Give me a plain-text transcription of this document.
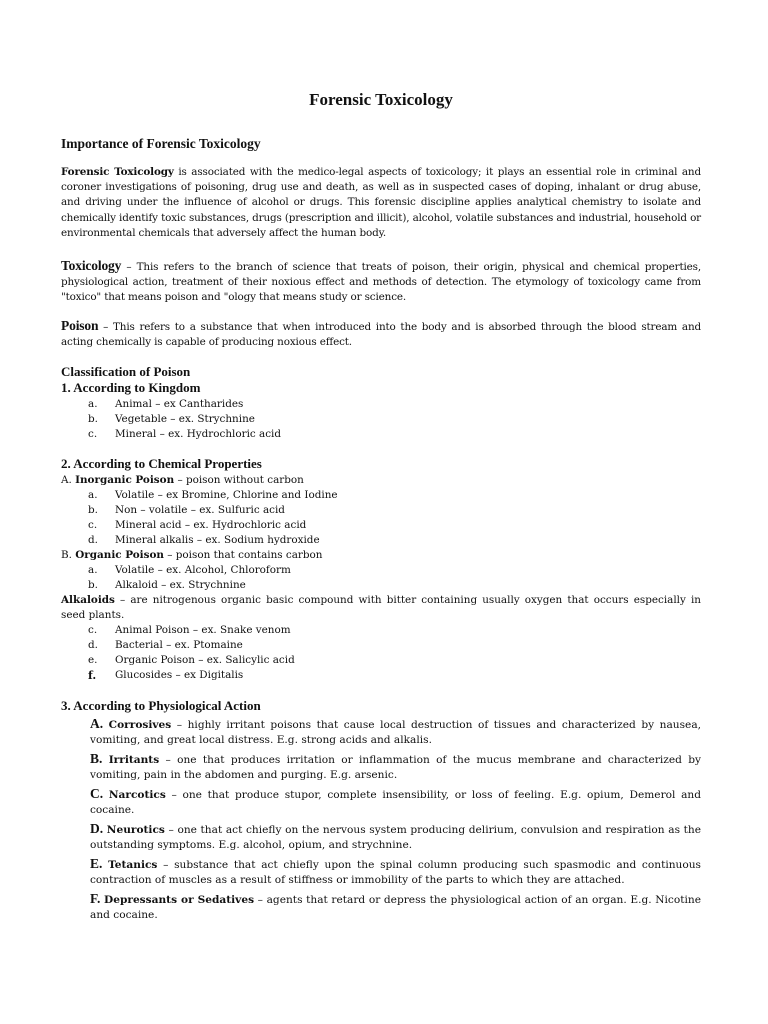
Forensic Toxicology
Importance of Forensic Toxicology
Forensic Toxicology is associated with the medico-legal aspects of toxicology; it plays an essential role in criminal and coroner investigations of poisoning, drug use and death, as well as in suspected cases of doping, inhalant or drug abuse, and driving under the influence of alcohol or drugs. This forensic discipline applies analytical chemistry to isolate and chemically identify toxic substances, drugs (prescription and illicit), alcohol, volatile substances and industrial, household or environmental chemicals that adversely affect the human body.
Toxicology – This refers to the branch of science that treats of poison, their origin, physical and chemical properties, physiological action, treatment of their noxious effect and methods of detection. The etymology of toxicology came from "toxico" that means poison and "ology that means study or science.
Poison – This refers to a substance that when introduced into the body and is absorbed through the blood stream and acting chemically is capable of producing noxious effect.
Classification of Poison
1. According to Kingdom
a.	Animal – ex Cantharides
b.	Vegetable – ex. Strychnine
c.	Mineral – ex. Hydrochloric acid
2. According to Chemical Properties
A. Inorganic Poison – poison without carbon
a.	Volatile – ex Bromine, Chlorine and Iodine
b.	Non – volatile – ex. Sulfuric acid
c.	Mineral acid – ex. Hydrochloric acid
d.	Mineral alkalis – ex. Sodium hydroxide
B. Organic Poison – poison that contains carbon
a.	Volatile – ex. Alcohol, Chloroform
b.	Alkaloid – ex. Strychnine
Alkaloids – are nitrogenous organic basic compound with bitter containing usually oxygen that occurs especially in seed plants.
c.	Animal Poison – ex. Snake venom
d.	Bacterial – ex. Ptomaine
e.	Organic Poison – ex. Salicylic acid
f.	Glucosides – ex Digitalis
3. According to Physiological Action
A. Corrosives – highly irritant poisons that cause local destruction of tissues and characterized by nausea, vomiting, and great local distress. E.g. strong acids and alkalis.
B. Irritants – one that produces irritation or inflammation of the mucus membrane and characterized by vomiting, pain in the abdomen and purging. E.g. arsenic.
C. Narcotics – one that produce stupor, complete insensibility, or loss of feeling. E.g. opium, Demerol and cocaine.
D. Neurotics – one that act chiefly on the nervous system producing delirium, convulsion and respiration as the outstanding symptoms. E.g. alcohol, opium, and strychnine.
E. Tetanics – substance that act chiefly upon the spinal column producing such spasmodic and continuous contraction of muscles as a result of stiffness or immobility of the parts to which they are attached.
F. Depressants or Sedatives – agents that retard or depress the physiological action of an organ. E.g. Nicotine and cocaine.
